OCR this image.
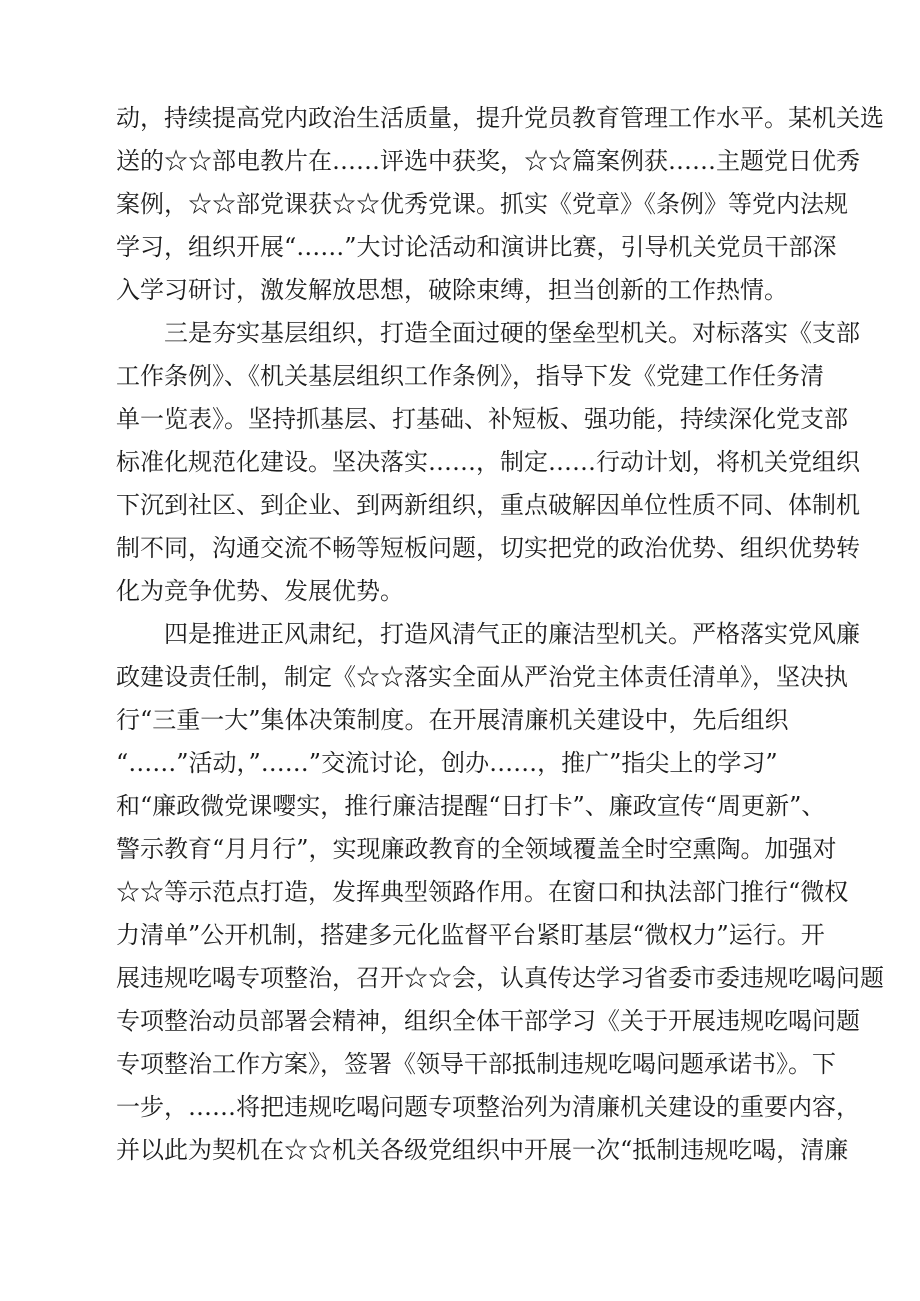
动，持续提高党内政治生活质量，提升党员教育管理工作水平。某机关选
送的☆☆部电教片在……评选中获奖，☆☆篇案例获……主题党日优秀
案例，☆☆部党课获☆☆优秀党课。抓实《党章》《条例》等党内法规
学习，组织开展“……”大讨论活动和演讲比赛，引导机关党员干部深
入学习研讨，激发解放思想，破除束缚，担当创新的工作热情。
三是夯实基层组织，打造全面过硬的堡垒型机关。对标落实《支部
工作条例》、《机关基层组织工作条例》，指导下发《党建工作任务清
单一览表》。坚持抓基层、打基础、补短板、强功能，持续深化党支部
标准化规范化建设。坚决落实……，制定……行动计划，将机关党组织
下沉到社区、到企业、到两新组织，重点破解因单位性质不同、体制机
制不同，沟通交流不畅等短板问题，切实把党的政治优势、组织优势转
化为竞争优势、发展优势。
四是推进正风肃纪，打造风清气正的廉洁型机关。严格落实党风廉
政建设责任制，制定《☆☆落实全面从严治党主体责任清单》，坚决执
行“三重一大”集体决策制度。在开展清廉机关建设中，先后组织
“……”活动，”……”交流讨论，创办……，推广”指尖上的学习”
和“廉政微党课嘤实，推行廉洁提醒“日打卡”、廉政宣传“周更新”、
警示教育“月月行”，实现廉政教育的全领域覆盖全时空熏陶。加强对
☆☆等示范点打造，发挥典型领路作用。在窗口和执法部门推行“微权
力清单”公开机制，搭建多元化监督平台紧盯基层“微权力”运行。开
展违规吃喝专项整治，召开☆☆会，认真传达学习省委市委违规吃喝问题
专项整治动员部署会精神，组织全体干部学习《关于开展违规吃喝问题
专项整治工作方案》，签署《领导干部抵制违规吃喝问题承诺书》。下
一步，……将把违规吃喝问题专项整治列为清廉机关建设的重要内容，
并以此为契机在☆☆机关各级党组织中开展一次“抵制违规吃喝，清廉
